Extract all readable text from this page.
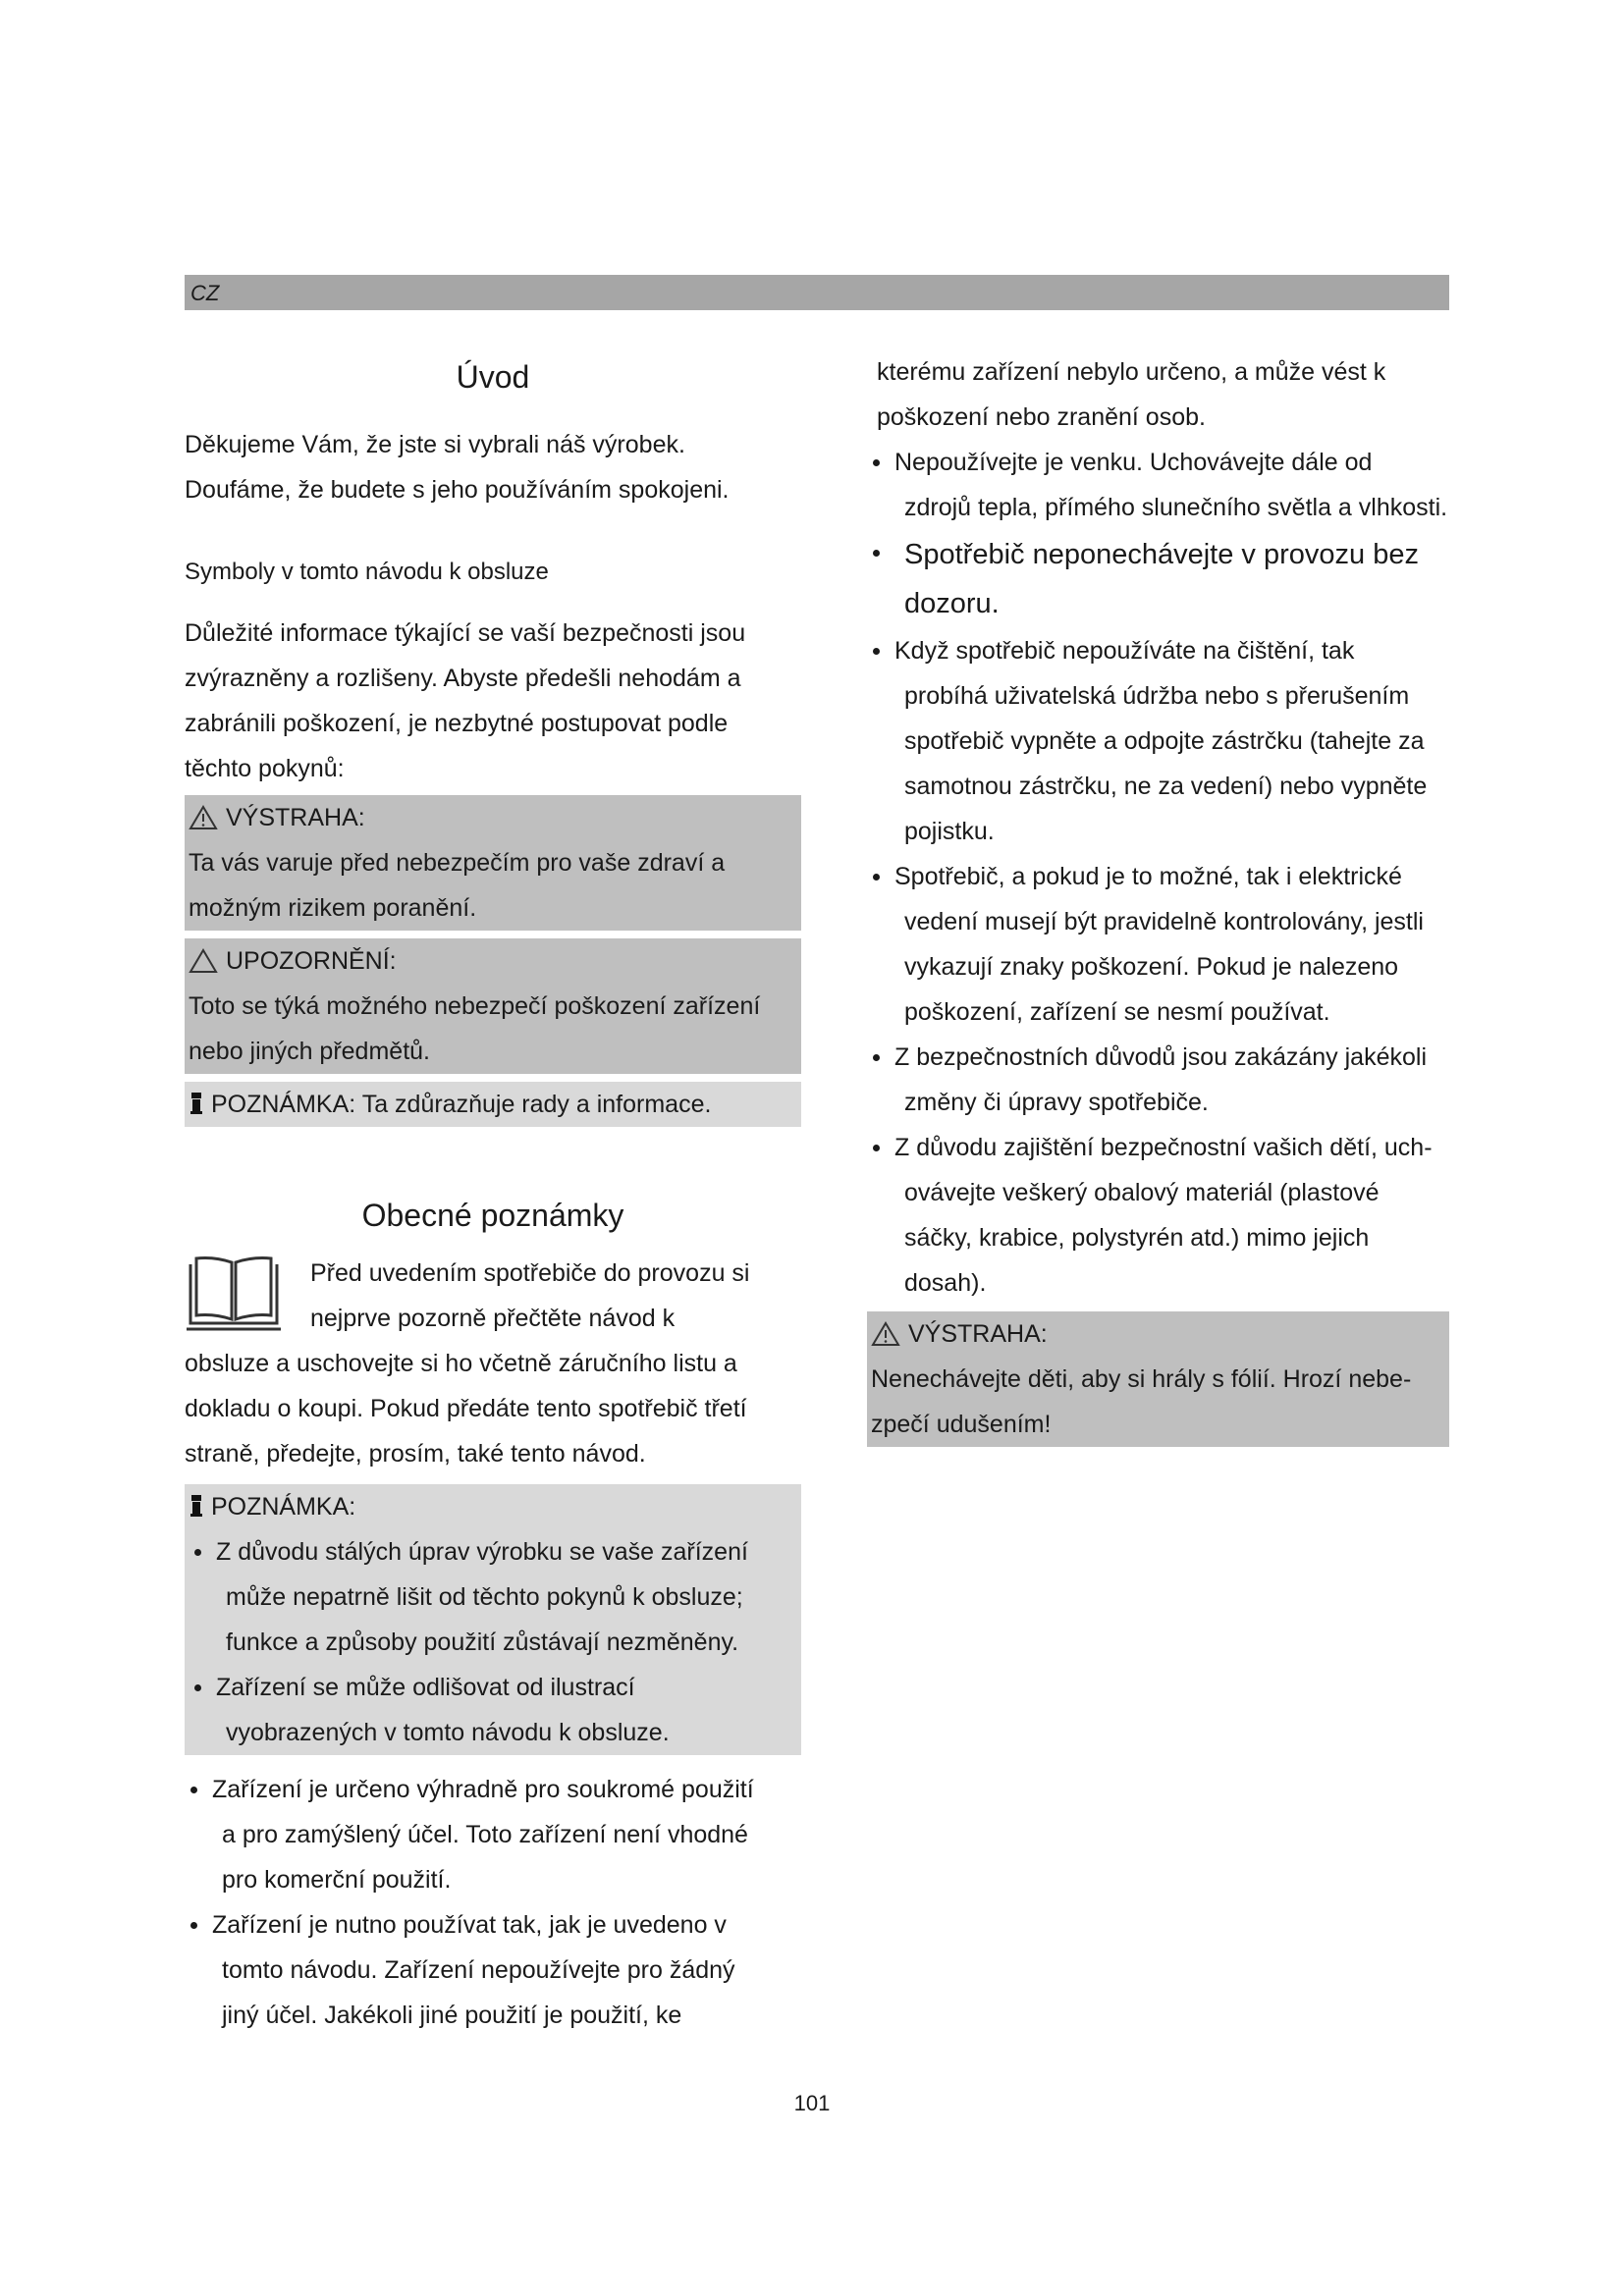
CZ
Úvod

Děkujeme Vám, že jste si vybrali náš výrobek.

Doufáme, že budete s jeho používáním spokojeni.

Symboly v tomto návodu k obsluze

Důležité informace týkající se vaší bezpečnosti jsou

zvýrazněny a rozlišeny. Abyste předešli nehodám a

zabránili poškození, je nezbytné postupovat podle

těchto pokynů:

VÝSTRAHA:

Ta vás varuje před nebezpečím pro vaše zdraví a

možným rizikem poranění.

UPOZORNĚNÍ:

Toto se týká možného nebezpečí poškození zařízení

nebo jiných předmětů.

POZNÁMKA: Ta zdůrazňuje rady a informace.

Obecné poznámky

Před uvedením spotřebiče do provozu si

nejprve pozorně přečtěte návod k

obsluze a uschovejte si ho včetně záručního listu a

dokladu o koupi. Pokud předáte tento spotřebič třetí

straně, předejte, prosím, také tento návod.

POZNÁMKA:

Z důvodu stálých úprav výrobku se vaše zařízení

může nepatrně lišit od těchto pokynů k obsluze;

funkce a způsoby použití zůstávají nezměněny.

Zařízení se může odlišovat od ilustrací

vyobrazených v tomto návodu k obsluze.

Zařízení je určeno výhradně pro soukromé použití

a pro zamýšlený účel. Toto zařízení není vhodné

pro komerční použití.

Zařízení je nutno používat tak, jak je uvedeno v

tomto návodu. Zařízení nepoužívejte pro žádný

jiný účel. Jakékoli jiné použití je použití, ke

kterému zařízení nebylo určeno, a může vést k

poškození nebo zranění osob.

Nepoužívejte je venku. Uchovávejte dále od

zdrojů tepla, přímého slunečního světla a vlhkosti.

Spotřebič neponechávejte v provozu bez

dozoru.

Když spotřebič nepoužíváte na čištění, tak

probíhá uživatelská údržba nebo s přerušením

spotřebič vypněte a odpojte zástrčku (tahejte za

samotnou zástrčku, ne za vedení) nebo vypněte

pojistku.

Spotřebič, a pokud je to možné, tak i elektrické

vedení musejí být pravidelně kontrolovány, jestli

vykazují znaky poškození. Pokud je nalezeno

poškození, zařízení se nesmí používat.

Z bezpečnostních důvodů jsou zakázány jakékoli

změny či úpravy spotřebiče.

Z důvodu zajištění bezpečnostní vašich dětí, uch-

ovávejte veškerý obalový materiál (plastové

sáčky, krabice, polystyrén atd.) mimo jejich

dosah).

VÝSTRAHA:

Nenechávejte děti, aby si hrály s fólií. Hrozí nebe-

zpečí udušením!

101
